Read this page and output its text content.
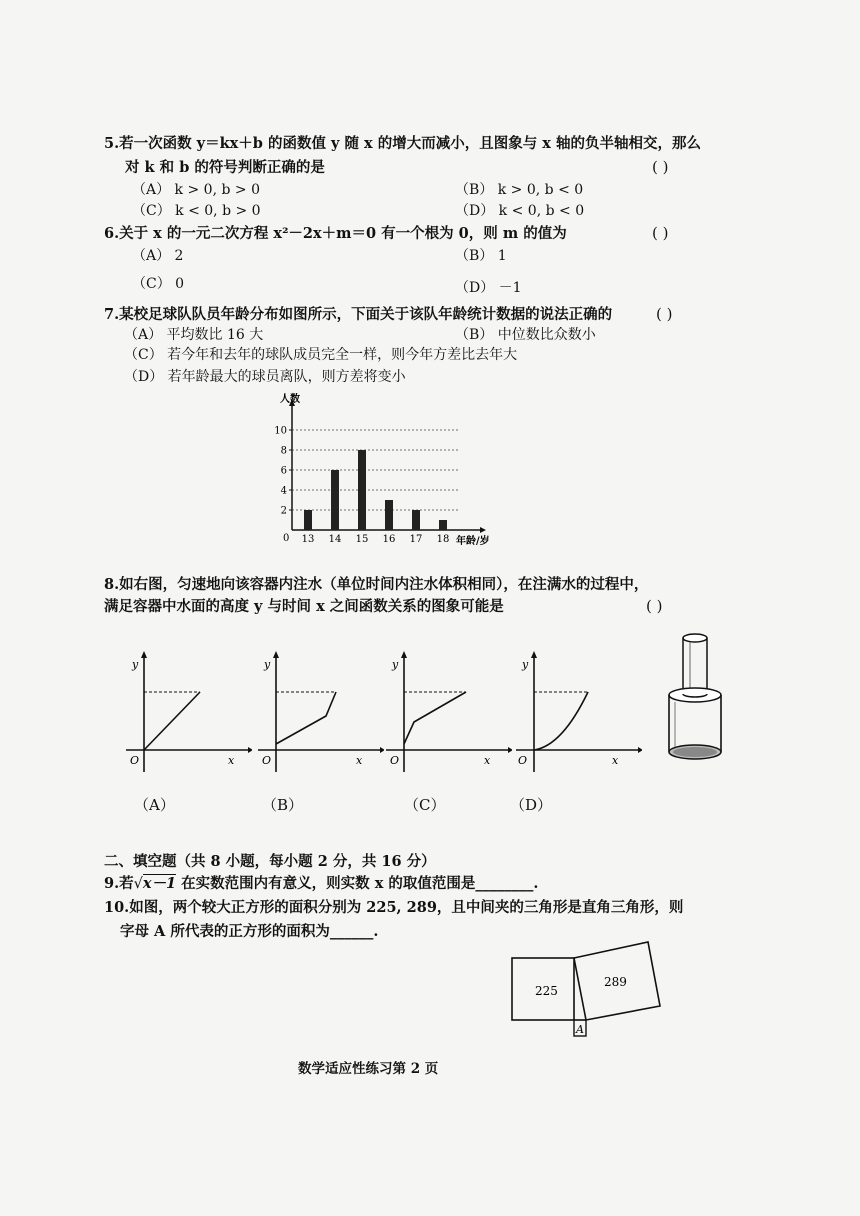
5.若一次函数 y＝kx＋b 的函数值 y 随 x 的增大而减小，且图象与 x 轴的负半轴相交，那么
对 k 和 b 的符号判断正确的是	( )
（A） k > 0, b > 0	（B） k > 0, b < 0
（C） k < 0, b > 0	（D） k < 0, b < 0
6.关于 x 的一元二次方程 x²－2x＋m＝0 有一个根为 0，则 m 的值为	( )
（A） 2	（B） 1
（C） 0	（D） －1
7.某校足球队队员年龄分布如图所示，下面关于该队年龄统计数据的说法正确的	( )
（A） 平均数比 16 大	（B） 中位数比众数小
（C） 若今年和去年的球队成员完全一样，则今年方差比去年大
（D） 若年龄最大的球员离队，则方差将变小
人数
年龄/岁
0
2
4
6
8
10
13 14 15 16 17 18
8.如右图，匀速地向该容器内注水（单位时间内注水体积相同），在注满水的过程中，
满足容器中水面的高度 y 与时间 x 之间函数关系的图象可能是	( )
y
x
O
y
x
O
y
x
O
y
x
O
（A）	（B）	（C）	（D）
二、填空题（共 8 小题，每小题 2 分，共 16 分）
9.若√x－1 在实数范围内有意义，则实数 x 的取值范围是________.
10.如图，两个较大正方形的面积分别为 225, 289，且中间夹的三角形是直角三角形，则
字母 A 所代表的正方形的面积为______.
225
289
A
数学适应性练习第 2 页
